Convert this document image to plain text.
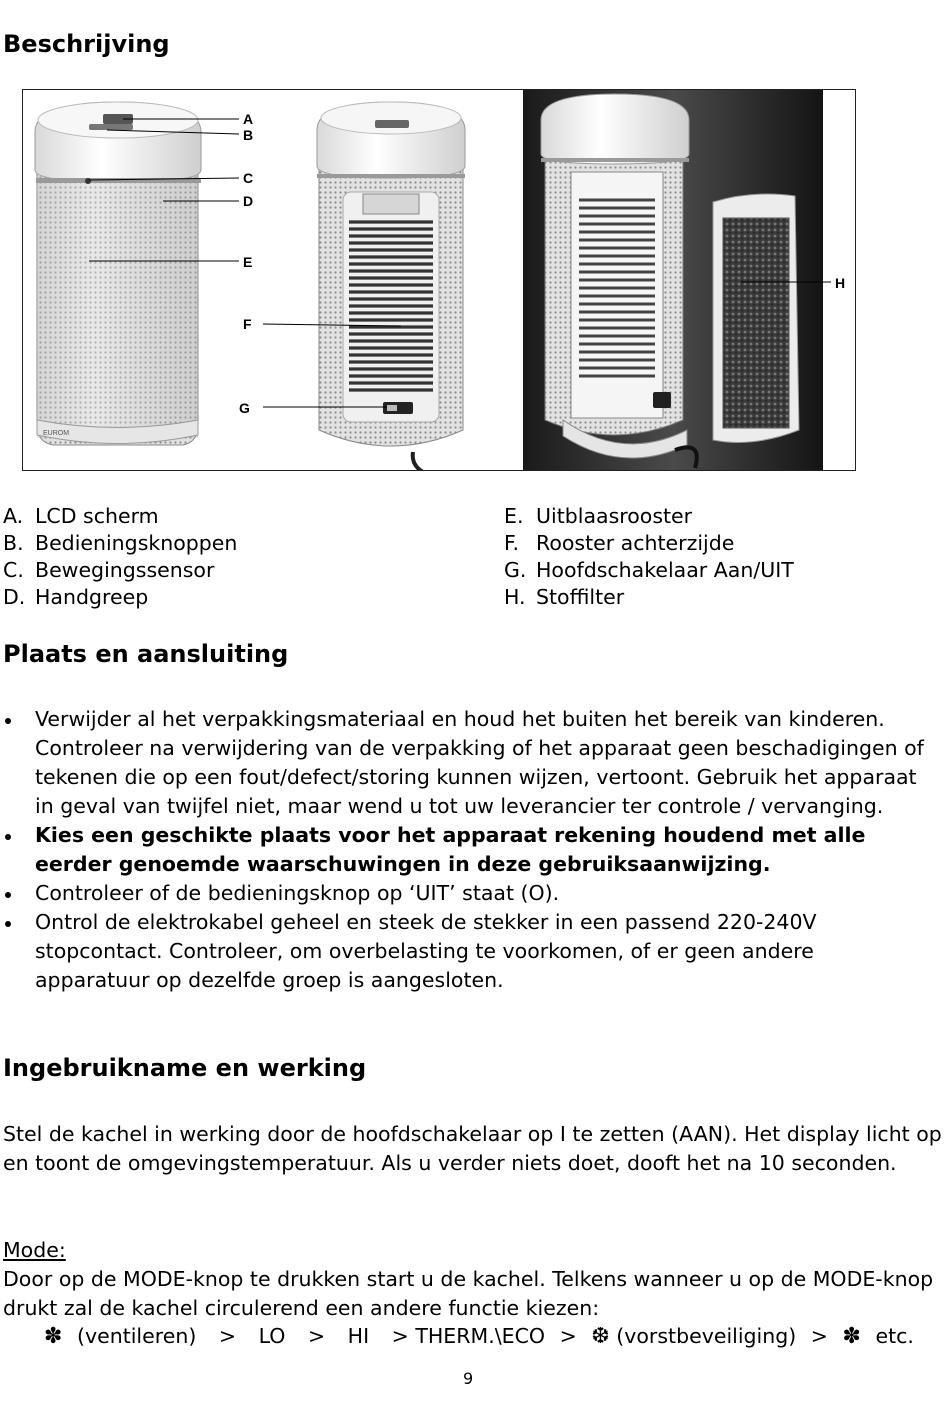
Beschrijving
EUROM
A
B
C
D
E
F
G
H
A. LCD scherm
B. Bedieningsknoppen
C. Bewegingssensor
D. Handgreep
E. Uitblaasrooster
F. Rooster achterzijde
G. Hoofdschakelaar Aan/UIT
H. Stoffilter
Plaats en aansluiting
Verwijder al het verpakkingsmateriaal en houd het buiten het bereik van kinderen. Controleer na verwijdering van de verpakking of het apparaat geen beschadigingen of tekenen die op een fout/defect/storing kunnen wijzen, vertoont. Gebruik het apparaat in geval van twijfel niet, maar wend u tot uw leverancier ter controle / vervanging.
Kies een geschikte plaats voor het apparaat rekening houdend met alle eerder genoemde waarschuwingen in deze gebruiksaanwijzing.
Controleer of de bedieningsknop op ‘UIT’ staat (O).
Ontrol de elektrokabel geheel en steek de stekker in een passend 220-240V stopcontact. Controleer, om overbelasting te voorkomen, of er geen andere apparatuur op dezelfde groep is aangesloten.
Ingebruikname en werking

Stel de kachel in werking door de hoofdschakelaar op I te zetten (AAN). Het display licht op en toont de omgevingstemperatuur. Als u verder niets doet, dooft het na 10 seconden.

Mode:

Door op de MODE-knop te drukken start u de kachel. Telkens wanneer u op de MODE-knop drukt zal de kachel circulerend een andere functie kiezen:

✽ (ventileren) > LO > HI > THERM.\ECO > ❆ (vorstbeveiliging) > ✽ etc.
9
